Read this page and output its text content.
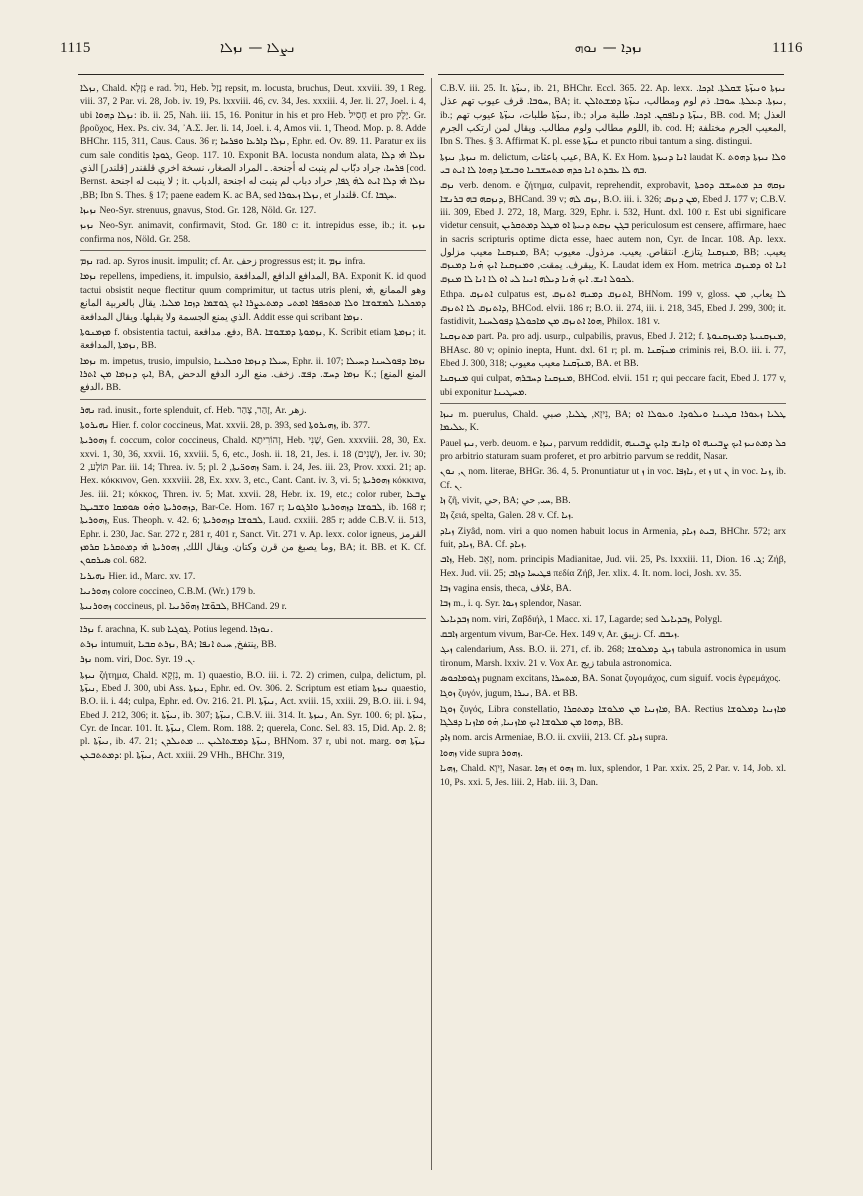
1115	ܢܨܠܐ — ܢܙܠܐ	ܢܙܕܐ — ܢܘܗ	1116

ܢܙܠܐ, Chald. נְזָלָא e rad. נזל, Heb. נָזַל repsit, m. locusta, bruchus, Deut. xxviii. 39, 1 Reg. viii. 37, 2 Par. vi. 28, Job. iv. 19, Ps. lxxviii. 46, cv. 34, Jes. xxxiii. 4, Jer. li. 27, Joel. i. 4, ubi ܢܙܠܐ ܕܗܘܐ: ib. ii. 25, Nah. iii. 15, 16. Ponitur in his et pro Heb. חָסִיל et pro יֶלֶק. Gr. βροῦχος, Hex. Ps. civ. 34, ᾽Α.Σ. Jer. li. 14, Joel. i. 4, Amos vii. 1, Theod. Mop. p. 8. Adde BHChr. 115, 311, Caus. Caus. 36 r; ܢܙܠܐ ܕܐܪܥܐ ܘܦܪܚܐ, Ephr. ed. Ov. 89. 11. Paratur ex iis cum sale conditis ܓܘܕܐ, Geop. 117. 10. Exponit BA. locusta nondum alata, ܢܙܠܐ ܗ̇ܝ ܕܠܐ ܦܪܚܐ، جراد دبّاب لم ينبت له أجنحة. ـ المراد الصغار، نسخة اخري قلقندر [قلندر] الذي [cod. Bernst. لا ينبت له اجنحة ; it. ܢܙܠܐ ܗ̇ܝ ܕܠܐ ܐܝܬ ܠܗ̇ ܓܦܐ, حراد دباب لم ينبت له اجنحة ,الدباب ,BB; Ibn S. Thes. § 17; paene eadem K. ac BA, sed ܢܙܠܐ ܙܥܘܪܐ, et قلندار. Cf. ܚܓܒܐ.

ܢܙܝܙܐ Neo-Syr. strenuus, gnavus, Stod. Gr. 128, Nöld. Gr. 127.

ܢܙܝܙ Neo-Syr. animavit, confirmavit, Stod. Gr. 180 c: it. intrepidus esse, ib.; it. ܢܙܝܙ confirma nos, Nöld. Gr. 258.

ܢܙܡ rad. ap. Syros inusit. impulit; cf. Ar. زحف progressus est; it. ܢܙܡ infra.

ܢܙܡܐ repellens, impediens, it. impulsio, المدافع الدافع ,المدافعة, BA. Exponit K. id quod tactui obsistit neque flectitur quum comprimitur, ut tactus utris pleni, وهو الممانع ,ܗ̇ܝ ܕܡܟܠܝܐ ܠܡܫܘܫܐ ܘܠܐ ܡܬܟܦܦܐ ܐܡܬܝ ܕܡܬܥܨܪܐ ܐܝܟ ܓܘܫܡܐ ܕܙܩܐ ܡܠܝܐ. يقال بالعربية المانع الذي يمنع الجسمة ولا يقبلها. ويقال المدافعة. Addit esse qui scribant ܢܙܡܐ.

ܡܙܡܢܘܬܐ f. obsistentia tactui, دفع. مدافعة, BA. ܢܙܡܘܬܐ ܕܡܫܘܫܐ, K. Scribit etiam ܢܙܡܬܐ; it. ܢܙܡܬܐ ,المدافعة, BB.

ܢܙܡܐ m. impetus, trusio, impulsio, ܚܝܠܐ ܕܢܙܡܐ ܘܟܠܝܢܐ, Ephr. ii. 107; ܢܙܡܐ ܕܦܘܠܚܢܐ ܕܚܝܠܐ ܐܝܟ ܕܢܙܡܐ ܡܢ ܐܬܪܐ, BA, ܢܙܡܐ ܕܚܫ. ܕܦܫ. زخف. منع الرد الدفع الدحض K.; [المنع المنع الدفع، BB.

ܢܗܪ rad. inusit., forte splenduit, cf. Heb. זָהַר, צָהַר, Ar. زهر.

ܢܗܝܪܘܬܐ Hier. f. color coccineus, Mat. xxvii. 28, p. 393, sed ܙܗܝܪܘܬܐ, ib. 377.

ܙܗܘܪܝܬܐ f. coccum, color coccineus, Chald. זְהוֹרִיתָא, Heb. שָׁנִי, Gen. xxxviii. 28, 30, Ex. xxvi. 1, 30, 36, xxvii. 16, xxviii. 5, 6, etc., Josh. ii. 18, 21, Jes. i. 18 (שָׁנִים), Jer. iv. 30; תּוֹלָע, 2 Par. iii. 14; Threa. iv. 5; pl. ܙܗܘܪ̈ܝܬܐ, 2 Sam. i. 24, Jes. iii. 23, Prov. xxxi. 21; ap. Hex. κόκκινον, Gen. xxxviii. 28, Ex. xxv. 3, etc., Cant. Cant. iv. 3, vi. 5; ܙܗܘܪܝܬܐ κόκκινα, Jes. iii. 21; κόκκος, Thren. iv. 5; Mat. xxvii. 28, Hebr. ix. 19, etc.; color ruber, ܨܒܥܐ ܕܙܗܘܪܝܬܐ ܘܗ̇ܘ ܣܘܡܩܐ ܘܫܒܝܛܐ, Bar-Ce. Hom. 167 r; ܠܒܘܫܐ ܕܙܗܘܪܝܬܐ ܘܐܪܓܘܢܐ, ib. 168 r; ܙܗܘܪܝܬܐ, Eus. Theoph. v. 42. 6; ܠܒܘܫܐ ܕܙܗܘܪܝܬܐ, Laud. cxxiii. 285 r; adde C.B.V. ii. 513, Ephr. i. 230, Jac. Sar. 272 r, 281 r, 401 r, Sanct. Vit. 271 v. Ap. lexx. color igneus, القرمز وما يصبغ من قرن وكتان. ويقال اللك, ܙܗܘܪܝܬܐ ܗ̇ܝ ܕܡܬܩܪܝܐ ܩܪܡܙ, BA; it. BB. et K. Cf. ܣܝܪܩܘܢ col. 682.

ܢܗܝܪܝܐ Hier. id., Marc. xv. 17.

ܙܗܘܪܢܝܐ colore coccineo, C.B.M. (Wr.) 179 b.

ܙܗܘܪܢܝܬܐ coccineus, pl. ܠܒܘ̈ܫܐ ܙܗܘ̈ܪܢܝܐ, BHCand. 29 r.

ܢܙܪܐ f. arachna, K. sub ܓܘܓܝܐ. Potius legend. ܢܘܙܪܐ.

ܢܙܪܬ intumuit, ܢܙܪܬ ܩܒܝܐ, BA; ينتفخ, ܚܝܬ ܐܢܦܐ, BB.

ܢܙܪ nom. viri, Doc. Syr. ܢ. 19.

ܢܝܙܬܐ ζήτημα, Chald. נִזְקָא, m. 1) quaestio, B.O. iii. i. 72. 2) crimen, culpa, delictum, pl. ܢܝܙ̈ܬܐ, Ebed J. 300, ubi Ass. ܢܝܙܬܐ, Ephr. ed. Ov. 306. 2. Scriptum est etiam ܢܝܙܬܐ quaestio, B.O. ii. i. 44; culpa, Ephr. ed. Ov. 216. 21. Pl. ܢܝܙ̈ܬܐ, Act. xviii. 15, xxiii. 29, B.O. iii. i. 94, Ebed J. 212, 306; it. ܢܝܙ̈ܬܐ, ib. 307; ܢܝܙ̈ܬܐ, C.B.V. iii. 314. It. ܢܝܙܬܐ, An. Syr. 100. 6; pl. ܢܝܙ̈ܬܐ, Cyr. de Incar. 101. It. ܢܝܙ̈ܬܐ, Clem. Rom. 188. 2; querela, Conc. Sel. 83. 15, Did. Ap. 2. 8; pl. ܢܝܙ̈ܬܐ, ib. 47. 21; ܢܝܙ̈ܬܐ ܕܡܫܬܐܠܝܢ ... ܡܬܝܠܕܢ, BHNom. 37 r, ubi not. marg. ܢܝܙ̈ܬܐ ܗܘ ܕܡܬܬܒܥܢ: pl. ܢܝܙ̈ܬܐ, Act. xxiii. 29 VHh., BHChr. 319,

C.B.V. iii. 25. It. ܢܝܙ̈ܬܐ, ib. 21, BHChr. Eccl. 365. 22. Ap. lexx. ܢܝܙܬܐ ܘܢܝܙ̈ܬܐ ܫܩܠܬܐ. ܐܕܟܐ. ܚܘܒܐ. قرف عيوب تهم عذل, BA; it. ܢܝܙܬܐ. ܕܥܠܬܐ. ܚܘܒܐ. ذم لوم ومطالب، ܢܝܙ̈ܬܐ ܕܡܫܬܐܠܢ, ib.; ܢܝܙ̈ܬܐ طلبات، ܢܝܙ̈ܬܐ عيوب تهم, ib.; ܢܝܙ̈ܬܐ ܕܢܐܦܩܢ. ܐܕܟܐ. طلبة مراد, BB. cod. M; العذل اللوم مطالب ولوم مطالب. ويقال لمن ارتكب الجرم, ib. cod. H; المعيب الجرم مختلفة, Ibn S. Thes. § 3. Affirmat K. pl. esse ܢܝܙ̈ܬܐ et puncto ribui tantum a sing. distingui.

ܢܝܙܬܐ, ܢܝܙܬܐ m. delictum, عيب باعثات, BA, K. Ex Hom. ܐܢܐ ܕܢܝܙܬܐ laudat K. ܘܠܐ ܢܝܙܬܐ ܕܗܘܬ ܒܗ ܠܐ ܥܒܕܬ ܐܢܐ ܟܕܗ ܡܬܚܫܒܢܐ ܘܒܝܫܬܐ ܕܗܘܐ ܠܐ ܐܝܬ ܒܝ.

ܢܙܩ verb. denom. e ζήτημα, culpavit, reprehendit, exprobavit, ܢܙܩܗ ܟܕ ܡܬܚܫܒ ܕܘܟܬܐ ܕܢܙܩܗ ܒܗ ܒܪܢܫܐ, BHCand. 39 v; ܢܙܩ ܠܗ, B.O. iii. i. 326; ܡܢ ܕܢܙܩ, Ebed J. 177 v; C.B.V. iii. 309, Ebed J. 272, 18, Marg. 329, Ephr. i. 532, Hunt. dxl. 100 r. Est ubi significare videtur censuit, ܒܓܢ ܢܙܩܬ ܕܢܝܬܐ ܐܘ ܡܛܠ ܕܡܬܩܪܝܢ periculosum est censere, affirmare, haec in sacris scripturis optime dicta esse, haec autem non, Cyr. de Incar. 108. Ap. lexx. ܡܢܙܩܢܐ معيب مزلول, BA; ܡܢܙܩܢܐ يتازع. انتقاص. يعيب. مرذول. معيوب, BB; يعيب. يبقرف. يمقت, ܘܡܢܙܩܢܐ ܐܝܟ ܗ̇ܢܐ ܕܡܢܙܩ, K. Laudat idem ex Hom. metrica ܐܢܐ ܐܘ ܕܡܢܙܩ ܠܟܘܠ ܐܢܫ. ܐܝܟ ܗ̇ܢܐ ܕܝܠܗ ܐܢܝܐ ܠܝ ܐܘ ܠܐ ܐܢܐ ܠܐ ܡܢܙܩ.

Ethpa. ܐܬܢܙܩ culpatus est, ܐܬܢܙܩ ܕܡܢܗ ܐܬܢܙܩ, BHNom. 199 v, gloss. ܠܐ يعاب, ܡܢ ܕܐܬܢܙܩ ܠܐ ܐܬܢܙܩ, BHCod. elvii. 186 r; B.O. ii. 274, iii. i. 218, 345, Ebed J. 299, 300; it. fastidivit, ܗܘܐ ܐܬܢܙܩ ܡܢ ܡܐܟܘܠܬܐ ܕܦܘܠܚܢܐ, Philox. 181 v.

ܡܬܢܙܩܢܐ part. Pa. pro adj. usurp., culpabilis, pravus, Ebed J. 212; f. ܡܢܙܩܢܝܬܐ ܕܡܢܙܩܢܘܬܐ, BHAsc. 80 v; opinio inepta, Hunt. dxl. 61 r; pl. m. ܡܢܙ̈ܩܢܐ criminis rei, B.O. iii. i. 77, Ebed J. 300, 318; ܡܢܙ̈ܩܢܐ معيب معيوب, BA. et BB.

ܡܢܙܩܢܐ qui culpat, ܡܢܙܩܢܐ ܕܚܒܪܗ, BHCod. elvii. 151 r; qui peccare facit, Ebed J. 177 v, ubi exponitur ܡܚܛܝܢܐ.

ܢܝܙܐ m. puerulus, Chald. נִיזָא, ܛܠܝܐ, صبي, BA; ܛܠܝܐ ܙܥܘܪܐ ܩܛܝܢܐ ܘܝܠܘܕܐ. ܘܥܘܠܐ ܐܘ ܥܠܝܡܐ, K.

Pauel ܢܝܙ, verb. deuom. e ܢܝܙܐ, parvum reddidit, ܟܠ ܕܡܬܢܝܙ ܐܝܟ ܨܒܝܢܗ ܐܘ ܕܐܢܫ ܕܐܝܟ ܨܒܝܢܗ pro arbitrio staturam suam proferet, et pro arbitrio parvum se reddit, Nasar.

ܢ, ܢܘܢ nom. literae, BHGr. 36. 4, 5. Pronuntiatur ut ܙ in voc. ܢܐܙܦܐ, et ܙ ut ܢ in voc. ܙܢܐ, ib. Cf. ܢ.

ܙܐ ζῆ, vivit, حي, BA; ܚܝ, حي, BB.

ܙܐܐ ζειά, spelta, Galen. 28 v. Cf. ܙܝܐ.

ܙܝܐܕ Ziyâd, nom. viri a quo nomen habuit locus in Armenia, ܒܝܬ ܙܝܐܕ, BHChr. 572; arx fuit, ܙܝܐܕ, BA. Cf. ܙܝܐܕ.

ܙܐܒ, Heb. זְאֵב, nom. principis Madianitae, Jud. vii. 25, Ps. lxxxiii. 11, Dion. ܓ. 16; Ζήβ, Hex. Jud. vii. 25; ܦܛܝܚܐ ܕܙܐܒ πεδία Ζήβ, Jer. xlix. 4. It. nom. loci, Josh. xv. 35.

ܙܒܐ vagina ensis, theca, غلاف, BA.

ܙܒܐ m., i. q. Syr. ܙܝܘܐ splendor, Nasar.

ܙܒܕܝܐܝܠ nom. viri, Ζαβδιήλ, 1 Macc. xi. 17, Lagarde; sed ܙܒܕܝܐܝܠ, Polygl.

ܙܐܒܩ argentum vivum, Bar-Ce. Hex. 149 v, Ar. زيبق. Cf. ܙܝܒܩ.

ܙܝܓ calendarium, Ass. B.O. ii. 271, cf. ib. 268; ܙܝܓ ܕܡܠܘܫܐ tabula astronomica in usum tironum, Marsh. lxxiv. 21 v. Vox Ar. زيج tabula astronomica.

ܙܓܘܡܐܟܘܣ pugnam excitans, ܡܬܚܪܐ, BA. Sonat ζυγομάχος, cum siguif. vocis ἐγρεμάχος.

ܙܘܓܐ ζυγόν, jugum, ܢܝܪܐ, BA. et BB.

ܙܘܓܐ ζυγός, Libra constellatio, ܡܐܙܢܝܐ ܡܢ ܡܠܘܫܐ ܕܡܬܩܪܐ, BA. Rectius ܡܐܙܢܝܐ ܕܡܠܘܫܐ ܕܗܘܐ ܡܢ ܡܠܘܫܐ ܐܝܟ ܡܐܙܢܝܐ, ܗ̇ܘ ܡܐܙܢܐ ܕܦܠܓܐ, BB.

ܙܐܕ nom. arcis Armeniae, B.O. ii. cxviii, 213. Cf. ܙܝܐܕ supra.

ܙܗܘܐ vide supra ܙܗܘܪ.

ܙܗܝܐ, Chald. זִיוָא, Nasar. ܙܗܐ et ܙܗܘ m. lux, splendor, 1 Par. xxix. 25, 2 Par. v. 14, Job. xl. 10, Ps. xxi. 5, Jes. liii. 2, Hab. iii. 3, Dan.
